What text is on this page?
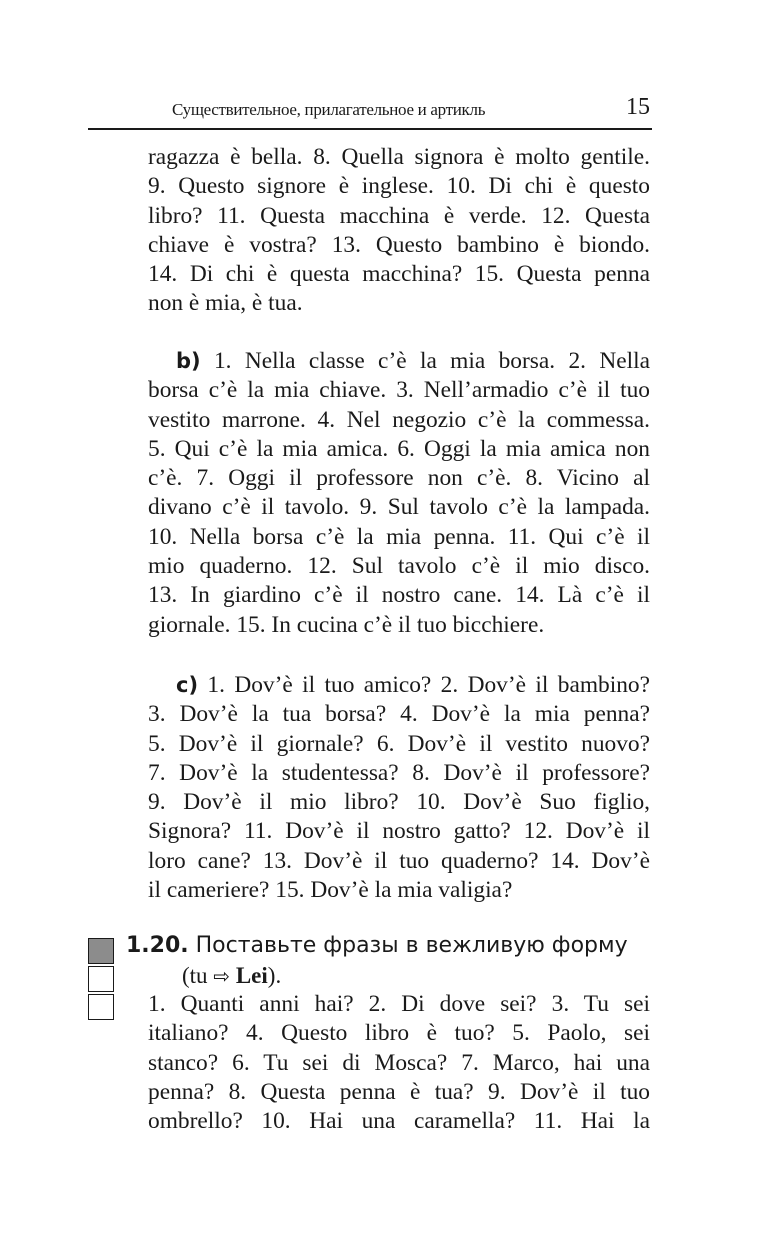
Существительное, прилагательное и артикль	15
ragazza è bella. 8. Quella signora è molto gentile.
9. Questo signore è inglese. 10. Di chi è questo
libro? 11. Questa macchina è verde. 12. Questa
chiave è vostra? 13. Questo bambino è biondo.
14. Di chi è questa macchina? 15. Questa penna
non è mia, è tua.
b) 1. Nella classe c’è la mia borsa. 2. Nella
borsa c’è la mia chiave. 3. Nell’armadio c’è il tuo
vestito marrone. 4. Nel negozio c’è la commessa.
5. Qui c’è la mia amica. 6. Oggi la mia amica non
c’è. 7. Oggi il professore non c’è. 8. Vicino al
divano c’è il tavolo. 9. Sul tavolo c’è la lampada.
10. Nella borsa c’è la mia penna. 11. Qui c’è il
mio quaderno. 12. Sul tavolo c’è il mio disco.
13. In giardino c’è il nostro cane. 14. Là c’è il
giornale. 15. In cucina c’è il tuo bicchiere.
c) 1. Dov’è il tuo amico? 2. Dov’è il bambino?
3. Dov’è la tua borsa? 4. Dov’è la mia penna?
5. Dov’è il giornale? 6. Dov’è il vestito nuovo?
7. Dov’è la studentessa? 8. Dov’è il professore?
9. Dov’è il mio libro? 10. Dov’è Suo figlio,
Signora? 11. Dov’è il nostro gatto? 12. Dov’è il
loro cane? 13. Dov’è il tuo quaderno? 14. Dov’è
il cameriere? 15. Dov’è la mia valigia?
1.20. Поставьте фразы в вежливую форму
(tu ⇨ Lei).
1. Quanti anni hai? 2. Di dove sei? 3. Tu sei
italiano? 4. Questo libro è tuo? 5. Paolo, sei
stanco? 6. Tu sei di Mosca? 7. Marco, hai una
penna? 8. Questa penna è tua? 9. Dov’è il tuo
ombrello? 10. Hai una caramella? 11. Hai la
